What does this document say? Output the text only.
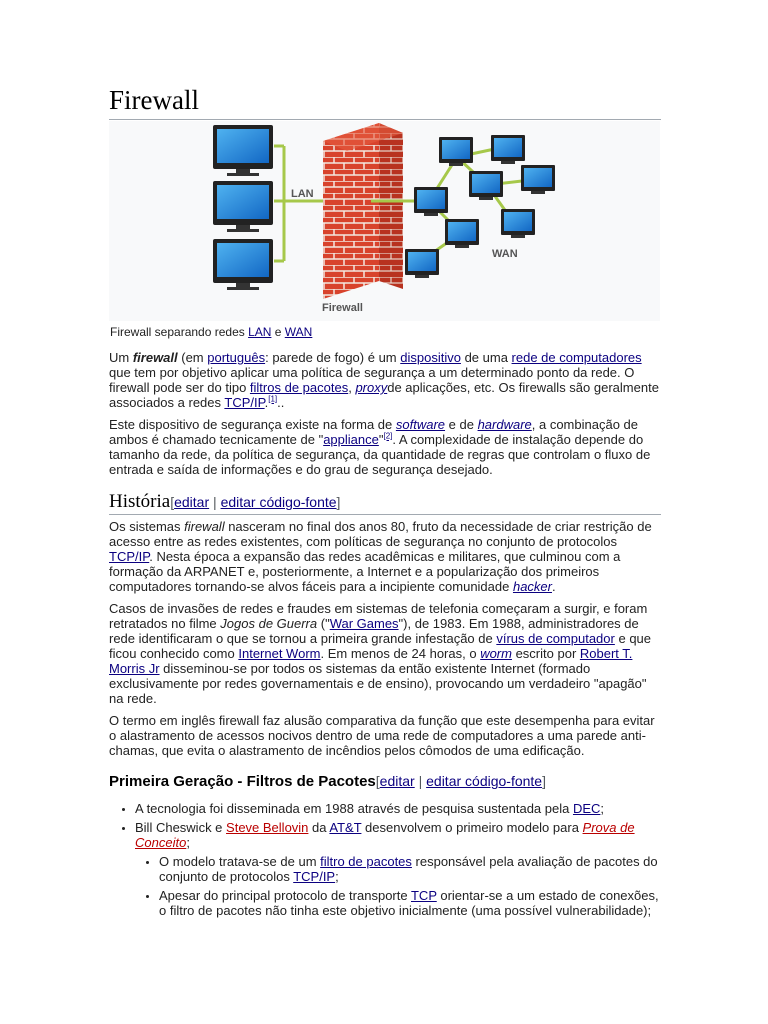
Firewall
LAN
Firewall
WAN
Firewall separando redes LAN e WAN

Um firewall (em português: parede de fogo) é um dispositivo de uma rede de computadores que tem por objetivo aplicar uma política de segurança a um determinado ponto da rede. O firewall pode ser do tipo filtros de pacotes, proxyde aplicações, etc. Os firewalls são geralmente associados a redes TCP/IP.[1]..

Este dispositivo de segurança existe na forma de software e de hardware, a combinação de ambos é chamado tecnicamente de "appliance"[2]. A complexidade de instalação depende do tamanho da rede, da política de segurança, da quantidade de regras que controlam o fluxo de entrada e saída de informações e do grau de segurança desejado.

História[editar | editar código-fonte]

Os sistemas firewall nasceram no final dos anos 80, fruto da necessidade de criar restrição de acesso entre as redes existentes, com políticas de segurança no conjunto de protocolos TCP/IP. Nesta época a expansão das redes acadêmicas e militares, que culminou com a formação da ARPANET e, posteriormente, a Internet e a popularização dos primeiros computadores tornando-se alvos fáceis para a incipiente comunidade hacker.

Casos de invasões de redes e fraudes em sistemas de telefonia começaram a surgir, e foram retratados no filme Jogos de Guerra ("War Games"), de 1983. Em 1988, administradores de rede identificaram o que se tornou a primeira grande infestação de vírus de computador e que ficou conhecido como Internet Worm. Em menos de 24 horas, o worm escrito por Robert T. Morris Jr disseminou-se por todos os sistemas da então existente Internet (formado exclusivamente por redes governamentais e de ensino), provocando um verdadeiro "apagão" na rede.

O termo em inglês firewall faz alusão comparativa da função que este desempenha para evitar o alastramento de acessos nocivos dentro de uma rede de computadores a uma parede anti-chamas, que evita o alastramento de incêndios pelos cômodos de uma edificação.

Primeira Geração - Filtros de Pacotes[editar | editar código-fonte]
• A tecnologia foi disseminada em 1988 através de pesquisa sustentada pela DEC;
• Bill Cheswick e Steve Bellovin da AT&T desenvolvem o primeiro modelo para Prova de Conceito;
• O modelo tratava-se de um filtro de pacotes responsável pela avaliação de pacotes do conjunto de protocolos TCP/IP;
• Apesar do principal protocolo de transporte TCP orientar-se a um estado de conexões, o filtro de pacotes não tinha este objetivo inicialmente (uma possível vulnerabilidade);
